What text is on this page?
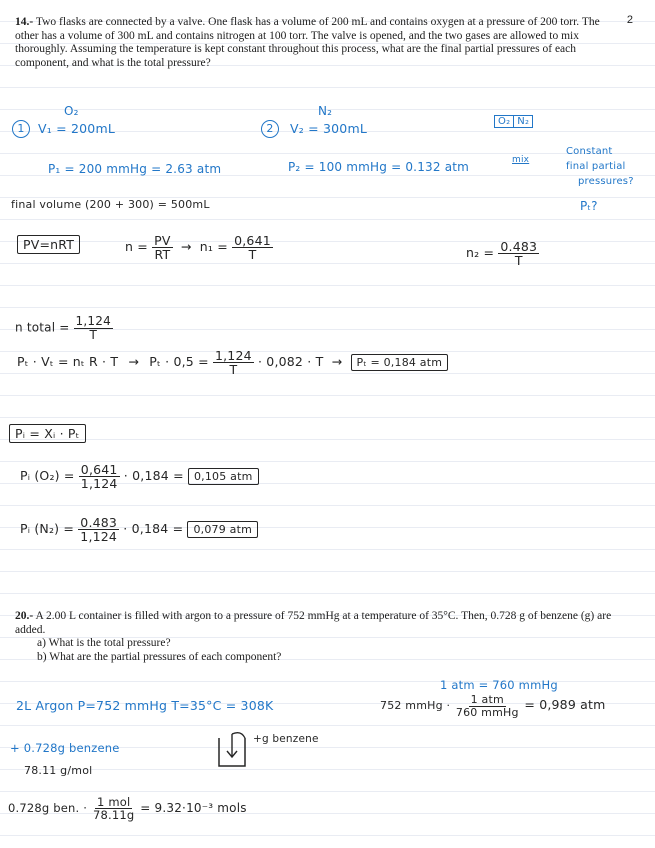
2

14.- Two flasks are connected by a valve. One flask has a volume of 200 mL and contains oxygen at a pressure of 200 torr. The other has a volume of 300 mL and contains nitrogen at 100 torr. The valve is opened, and the two gases are allowed to mix thoroughly. Assuming the temperature is kept constant throughout this process, what are the final partial pressures of each component, and what is the total pressure?

1
O₂
V₁ = 200mL	2
N₂
V₂ = 300mL	O₂ N₂
mix
P₁ = 200 mmHg = 2.63 atm	P₂ = 100 mmHg = 0.132 atm
Constant
final partial
pressures?
Pₜ?
final volume (200 + 300) = 500mL
PV=nRT	$n = \frac{PV}{RT} \to n_1 = \frac{0,641}{T}$	$n_2 = \frac{0.483}{T}$
n total = $\frac{1,124}{T}$
Pₜ · Vₜ = nₜ $R \cdot T \to P_t \cdot 0,5 = \frac{1,124}{T} \cdot 0,082 \cdot T \to P_t = 0,184$ atm
Pᵢ = Xᵢ · Pₜ
Pᵢ $(O_2) = \frac{0,641}{1,124} \cdot 0,184 = 0,105$ atm
Pᵢ $(N_2) = \frac{0.483}{1,124} \cdot 0,184 = 0,079$ atm

20.- A 2.00 L container is filled with argon to a pressure of 752 mmHg at a temperature of 35°C. Then, 0.728 g of benzene (g) are added.

a) What is the total pressure?

b) What are the partial pressures of each component?

1 atm = 760 mmHg
752 mmHg · $\frac{\text{1 atm}}{\text{760 mmHg}} = 0,989$ atm
2L Argon P=752 mmHg T=35°C = 308K
+ 0.728g benzene
78.11 g/mol
+g benzene
0.728g ben. · $\frac{\text{1 mol}}{78.11g} = 9.32\cdot 10^{-3}$ mols
